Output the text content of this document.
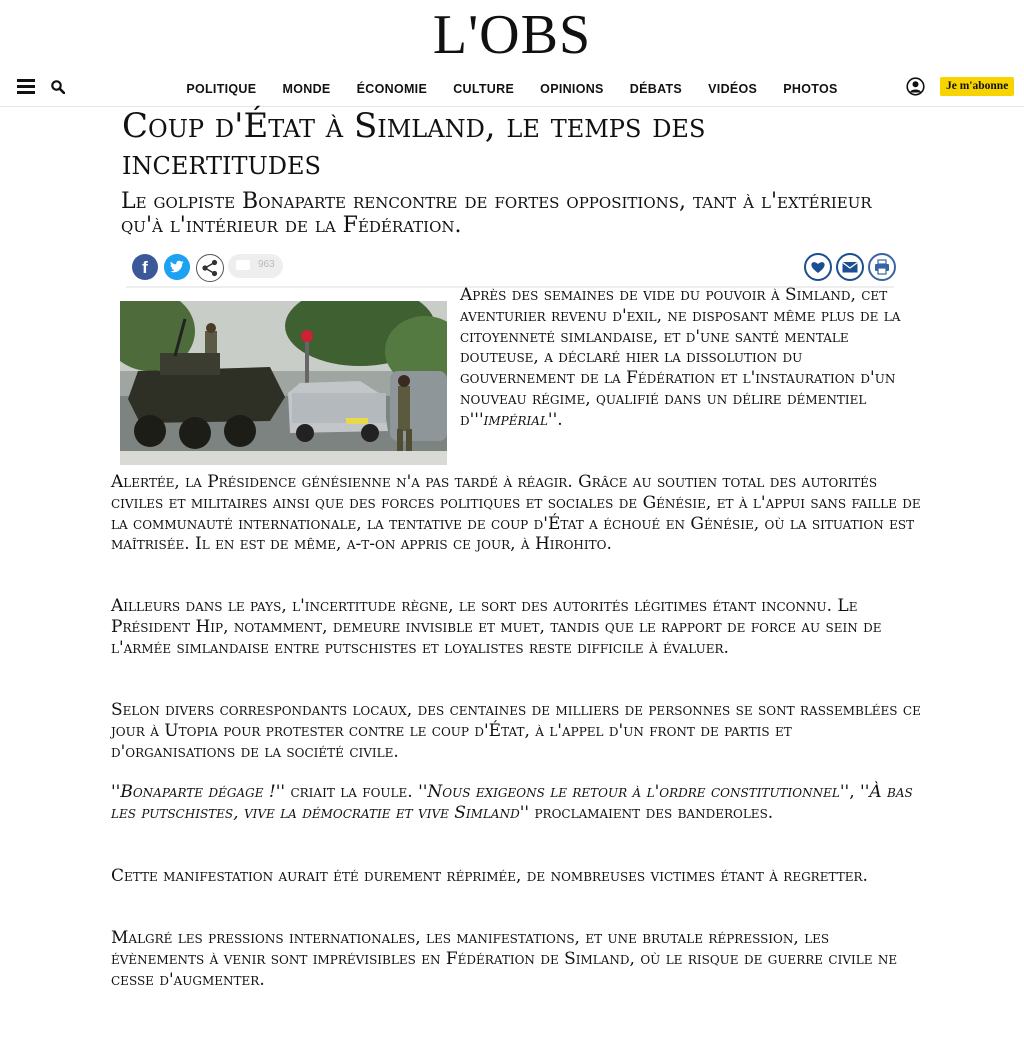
L'OBS
POLITIQUE MONDE ÉCONOMIE CULTURE OPINIONS DÉBATS VIDÉOS PHOTOS	Je m'abonne
Coup d'État à Simland, le temps des incertitudes

Le golpiste Bonaparte rencontre de fortes oppositions, tant à l'extérieur qu'à l'intérieur de la Fédération.

f	963

Après des semaines de vide du pouvoir à Simland, cet aventurier revenu d'exil, ne disposant même plus de la citoyenneté simlandaise, et d'une santé mentale douteuse, a déclaré hier la dissolution du gouvernement de la Fédération et l'instauration d'un nouveau régime, qualifié dans un délire démentiel d'''impérial''.

Alertée, la Présidence génésienne n'a pas tardé à réagir. Grâce au soutien total des autorités civiles et militaires ainsi que des forces politiques et sociales de Génésie, et à l'appui sans faille de la communauté internationale, la tentative de coup d'État a échoué en Génésie, où la situation est maîtrisée. Il en est de même, a-t-on appris ce jour, à Hirohito.

Ailleurs dans le pays, l'incertitude règne, le sort des autorités légitimes étant inconnu. Le Président Hip, notamment, demeure invisible et muet, tandis que le rapport de force au sein de l'armée simlandaise entre putschistes et loyalistes reste difficile à évaluer.

Selon divers correspondants locaux, des centaines de milliers de personnes se sont rassemblées ce jour à Utopia pour protester contre le coup d'État, à l'appel d'un front de partis et d'organisations de la société civile.

''Bonaparte dégage !'' criait la foule. ''Nous exigeons le retour à l'ordre constitutionnel'', ''À bas les putschistes, vive la démocratie et vive Simland'' proclamaient des banderoles.

Cette manifestation aurait été durement réprimée, de nombreuses victimes étant à regretter.

Malgré les pressions internationales, les manifestations, et une brutale répression, les évènements à venir sont imprévisibles en Fédération de Simland, où le risque de guerre civile ne cesse d'augmenter.
